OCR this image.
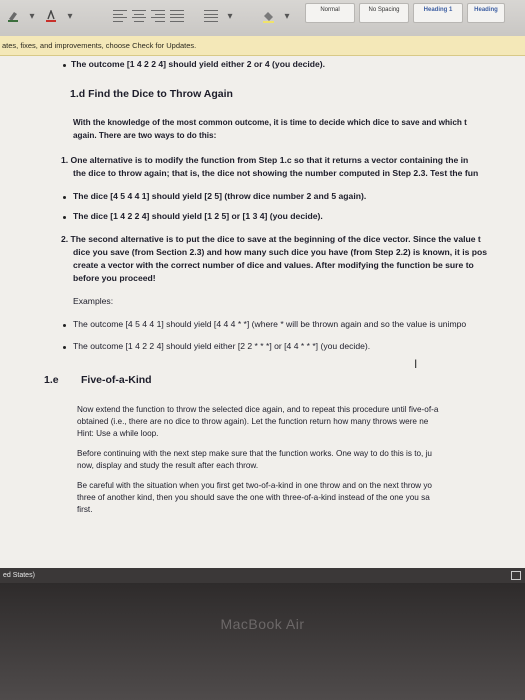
▾	▾	▾	▾
Normal	No Spacing	Heading 1	Heading
ates, fixes, and improvements, choose Check for Updates.
The outcome [1 4 2 2 4] should yield either 2 or 4 (you decide).
1.d Find the Dice to Throw Again
With the knowledge of the most common outcome, it is time to decide which dice to save and which t
again. There are two ways to do this:
1. One alternative is to modify the function from Step 1.c so that it returns a vector containing the in
the dice to throw again; that is, the dice not showing the number computed in Step 2.3. Test the fun
The dice [4 5 4 4 1] should yield [2 5] (throw dice number 2 and 5 again).
The dice [1 4 2 2 4] should yield [1 2 5] or [1 3 4] (you decide).
2. The second alternative is to put the dice to save at the beginning of the dice vector. Since the value t
dice you save (from Section 2.3) and how many such dice you have (from Step 2.2) is known, it is pos
create a vector with the correct number of dice and values. After modifying the function be sure to
before you proceed!
Examples:
The outcome [4 5 4 4 1] should yield [4 4 4 * *] (where * will be thrown again and so the value is unimpo
The outcome [1 4 2 2 4] should yield either [2 2 * * *] or [4 4 * * *] (you decide).
I
1.e Five-of-a-Kind
Now extend the function to throw the selected dice again, and to repeat this procedure until five-of-a
obtained (i.e., there are no dice to throw again). Let the function return how many throws were ne
Hint: Use a while loop.
Before continuing with the next step make sure that the function works. One way to do this is to, ju
now, display and study the result after each throw.
Be careful with the situation when you first get two-of-a-kind in one throw and on the next throw yo
three of another kind, then you should save the one with three-of-a-kind instead of the one you sa
first.
ed States)
MacBook Air
